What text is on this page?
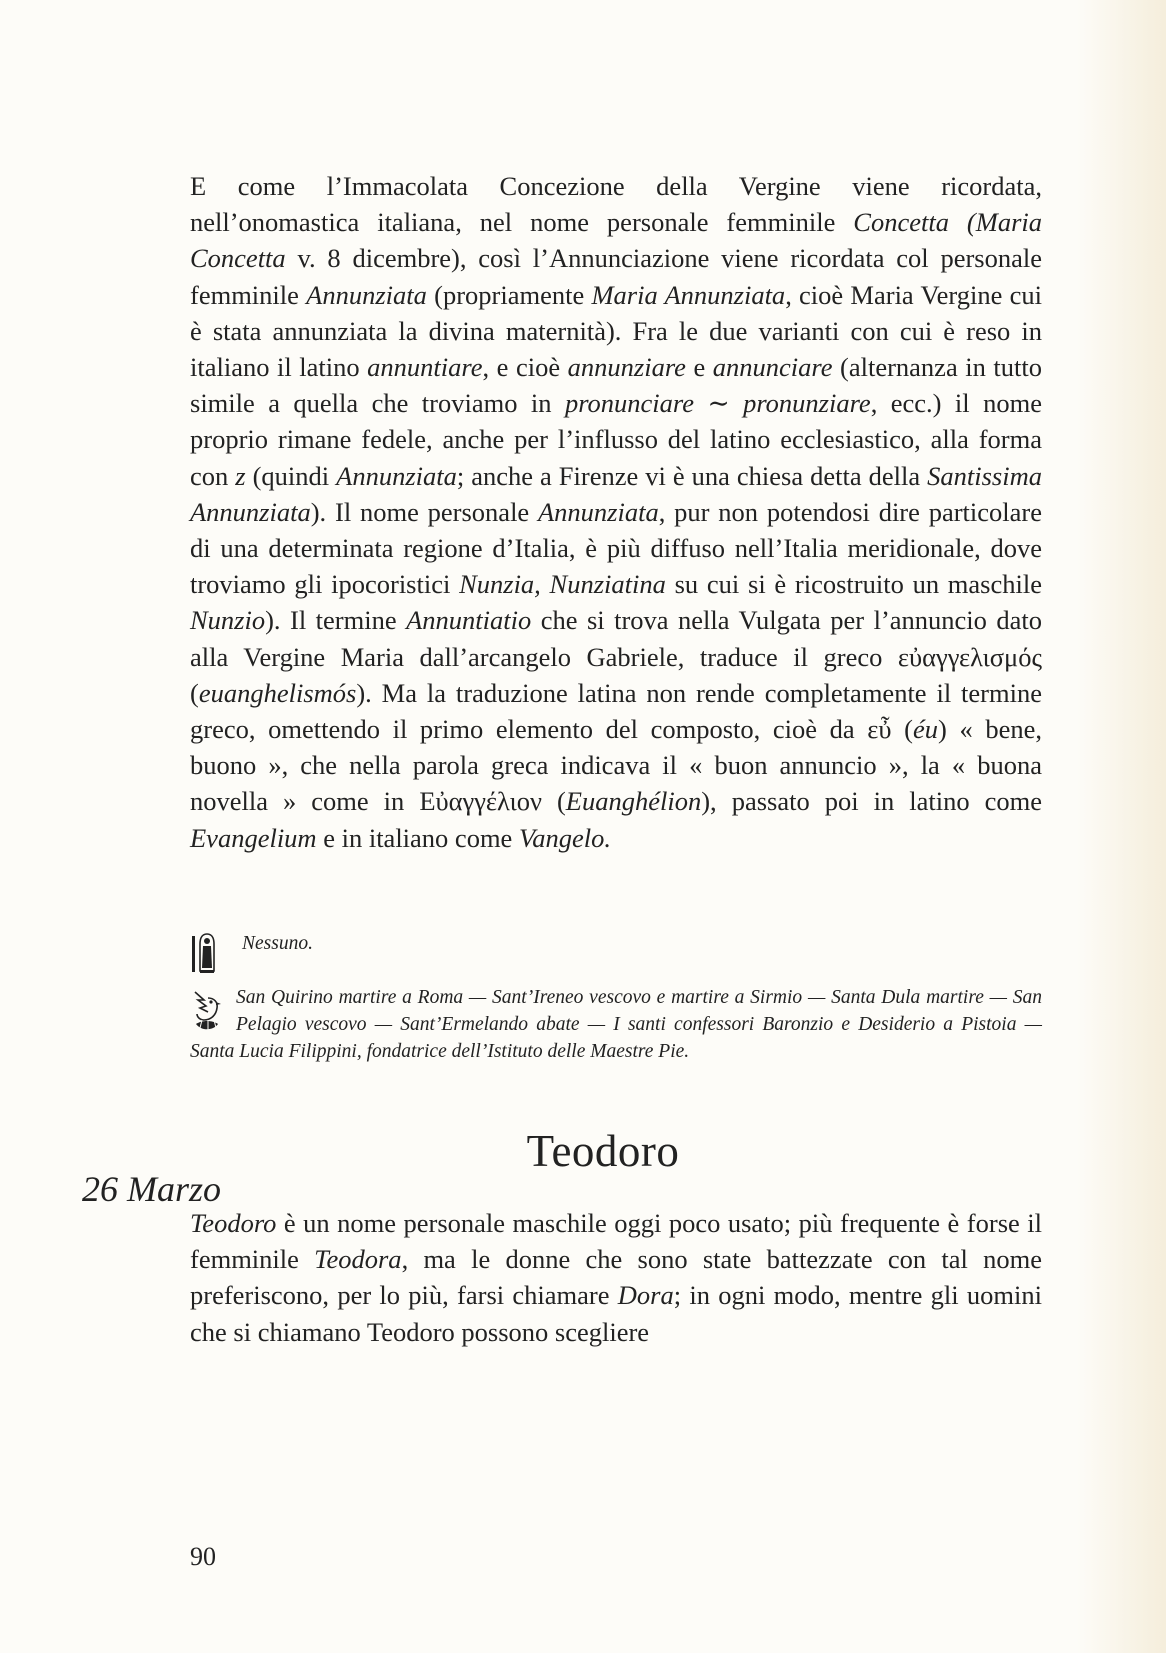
E come l’Immacolata Concezione della Vergine viene ricordata, nell’onomastica italiana, nel nome personale femminile Concetta (Maria Concetta v. 8 dicembre), così l’Annunciazione viene ricordata col personale femminile Annunziata (propriamente Maria Annunziata, cioè Maria Vergine cui è stata annunziata la divina maternità). Fra le due varianti con cui è reso in italiano il latino annuntiare, e cioè annunziare e annunciare (alternanza in tutto simile a quella che troviamo in pronunciare ∼ pronunziare, ecc.) il nome proprio rimane fedele, anche per l’influsso del latino ecclesiastico, alla forma con z (quindi Annunziata; anche a Firenze vi è una chiesa detta della Santissima Annunziata). Il nome personale Annunziata, pur non potendosi dire particolare di una determinata regione d’Italia, è più diffuso nell’Italia meridionale, dove troviamo gli ipocoristici Nunzia, Nunziatina su cui si è ricostruito un maschile Nunzio). Il termine Annuntiatio che si trova nella Vulgata per l’annuncio dato alla Vergine Maria dall’arcangelo Gabriele, traduce il greco εὐαγγελισμός (euanghelismós). Ma la traduzione latina non rende completamente il termine greco, omettendo il primo elemento del composto, cioè da εὖ (éu) « bene, buono », che nella parola greca indicava il « buon annuncio », la « buona novella » come in Εὐαγγέλιον (Euanghélion), passato poi in latino come Evangelium e in italiano come Vangelo.

Nessuno.
San Quirino martire a Roma — Sant’Ireneo vescovo e martire a Sirmio — Santa Dula martire — San Pelagio vescovo — Sant’Ermelando abate — I santi confessori Baronzio e Desiderio a Pistoia — Santa Lucia Filippini, fondatrice dell’Istituto delle Maestre Pie.
Teodoro
26 Marzo

Teodoro è un nome personale maschile oggi poco usato; più frequente è forse il femminile Teodora, ma le donne che sono state battezzate con tal nome preferiscono, per lo più, farsi chiamare Dora; in ogni modo, mentre gli uomini che si chiamano Teodoro possono scegliere

90
